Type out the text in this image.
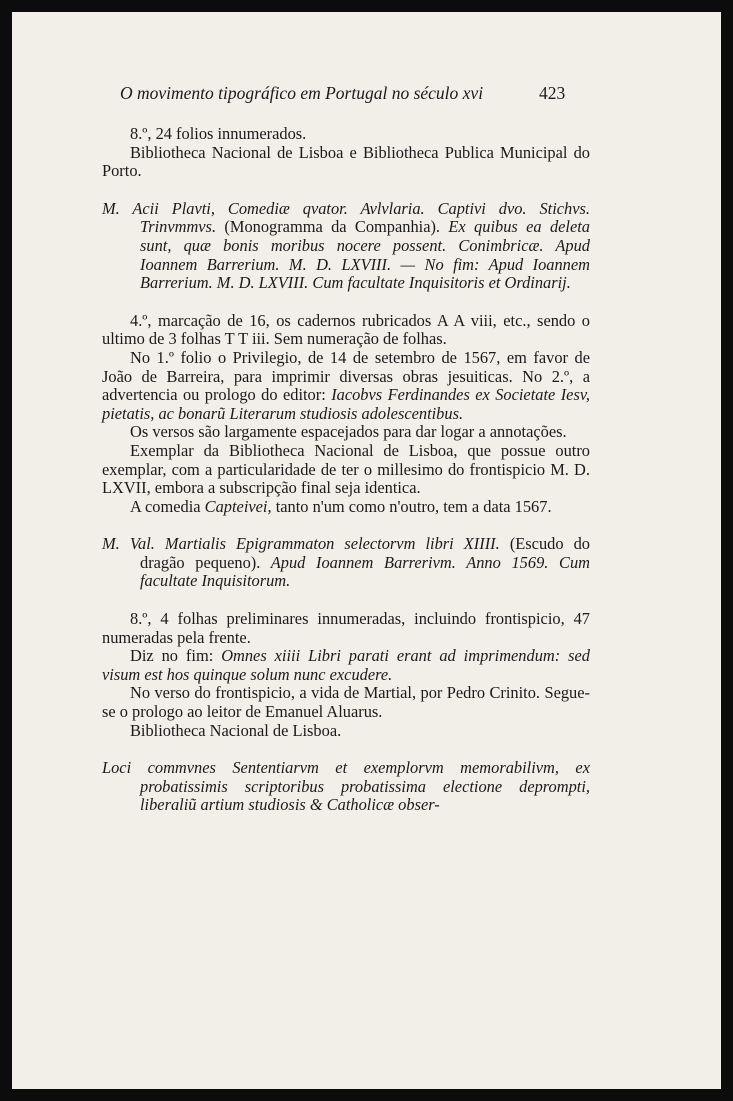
O movimento tipográfico em Portugal no século xvi	423

8.º, 24 folios innumerados.

Bibliotheca Nacional de Lisboa e Bibliotheca Publica Municipal do Porto.

M. Acii Plavti, Comediæ qvator. Avlvlaria. Captivi dvo. Stichvs. Trinvmmvs. (Monogramma da Companhia). Ex quibus ea deleta sunt, quæ bonis moribus nocere possent. Conimbricæ. Apud Ioannem Barrerium. M. D. LXVIII. — No fim: Apud Ioannem Barrerium. M. D. LXVIII. Cum facultate Inquisitoris et Ordinarij.

4.º, marcação de 16, os cadernos rubricados A A viii, etc., sendo o ultimo de 3 folhas T T iii. Sem numeração de folhas.

No 1.º folio o Privilegio, de 14 de setembro de 1567, em favor de João de Barreira, para imprimir diversas obras jesuiticas. No 2.º, a advertencia ou prologo do editor: Iacobvs Ferdinandes ex Societate Iesv, pietatis, ac bonarũ Literarum studiosis adolescentibus.

Os versos são largamente espacejados para dar logar a annotações.

Exemplar da Bibliotheca Nacional de Lisboa, que possue outro exemplar, com a particularidade de ter o millesimo do frontispicio M. D. LXVII, embora a subscripção final seja identica.

A comedia Capteivei, tanto n'um como n'outro, tem a data 1567.

M. Val. Martialis Epigrammaton selectorvm libri XIIII. (Escudo do dragão pequeno). Apud Ioannem Barrerivm. Anno 1569. Cum facultate Inquisitorum.

8.º, 4 folhas preliminares innumeradas, incluindo frontispicio, 47 numeradas pela frente.

Diz no fim: Omnes xiiii Libri parati erant ad imprimendum: sed visum est hos quinque solum nunc excudere.

No verso do frontispicio, a vida de Martial, por Pedro Crinito. Segue-se o prologo ao leitor de Emanuel Aluarus.

Bibliotheca Nacional de Lisboa.

Loci commvnes Sententiarvm et exemplorvm memorabilivm, ex probatissimis scriptoribus probatissima electione deprompti, liberaliũ artium studiosis & Catholicæ obser-
